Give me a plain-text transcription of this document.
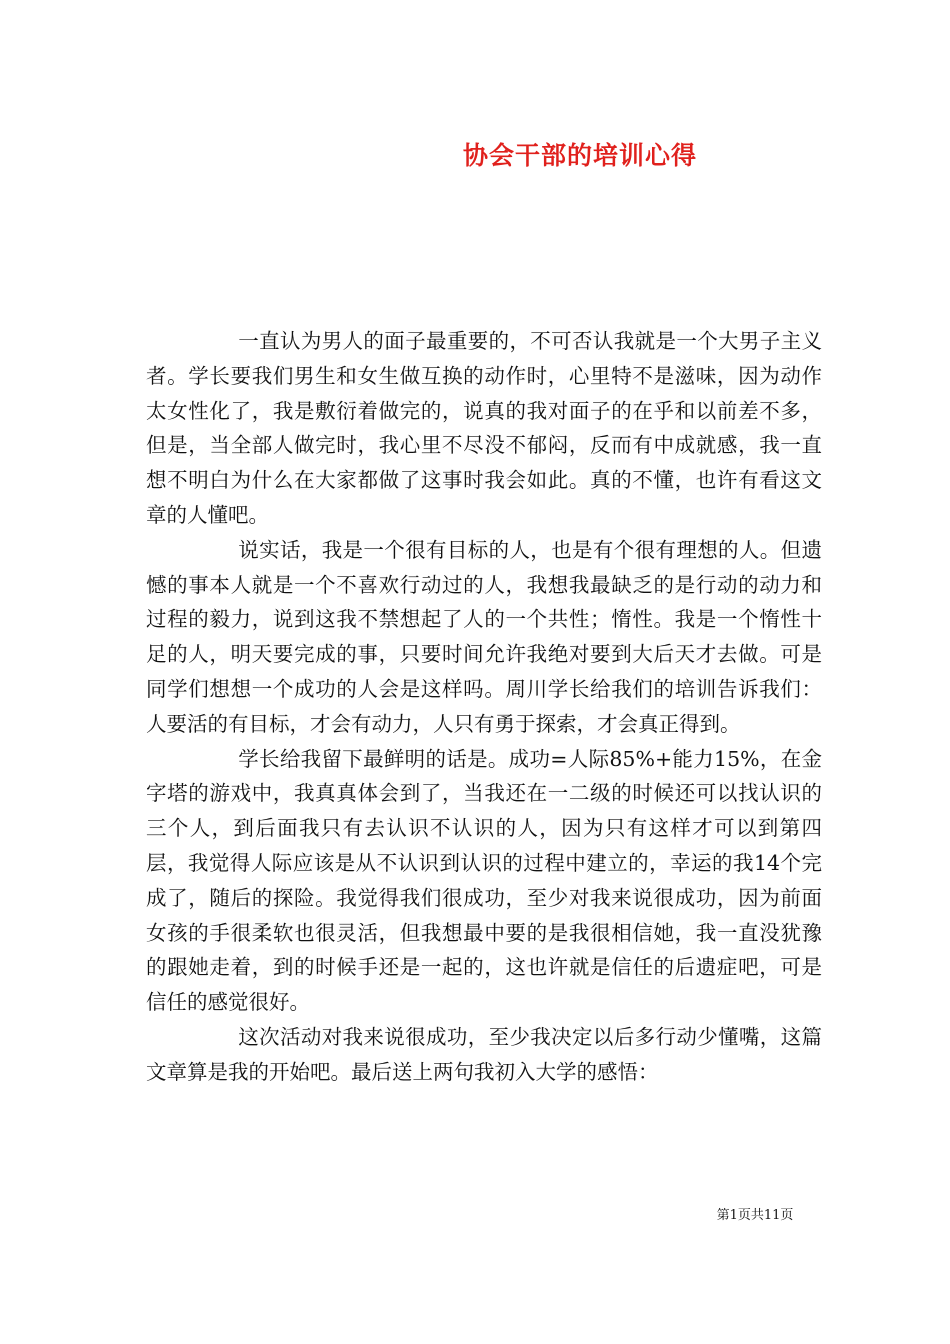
协会干部的培训心得

一直认为男人的面子最重要的，不可否认我就是一个大男子主义者。学长要我们男生和女生做互换的动作时，心里特不是滋味，因为动作太女性化了，我是敷衍着做完的，说真的我对面子的在乎和以前差不多，但是，当全部人做完时，我心里不尽没不郁闷，反而有中成就感，我一直想不明白为什么在大家都做了这事时我会如此。真的不懂，也许有看这文章的人懂吧。

说实话，我是一个很有目标的人，也是有个很有理想的人。但遗憾的事本人就是一个不喜欢行动过的人，我想我最缺乏的是行动的动力和过程的毅力，说到这我不禁想起了人的一个共性；惰性。我是一个惰性十足的人，明天要完成的事，只要时间允许我绝对要到大后天才去做。可是同学们想想一个成功的人会是这样吗。周川学长给我们的培训告诉我们：人要活的有目标，才会有动力，人只有勇于探索，才会真正得到。

学长给我留下最鲜明的话是。成功=人际85%+能力15%，在金字塔的游戏中，我真真体会到了，当我还在一二级的时候还可以找认识的三个人，到后面我只有去认识不认识的人，因为只有这样才可以到第四层，我觉得人际应该是从不认识到认识的过程中建立的，幸运的我14个完成了，随后的探险。我觉得我们很成功，至少对我来说很成功，因为前面女孩的手很柔软也很灵活，但我想最中要的是我很相信她，我一直没犹豫的跟她走着，到的时候手还是一起的，这也许就是信任的后遗症吧，可是信任的感觉很好。

这次活动对我来说很成功，至少我决定以后多行动少懂嘴，这篇文章算是我的开始吧。最后送上两句我初入大学的感悟：

第1页共11页
